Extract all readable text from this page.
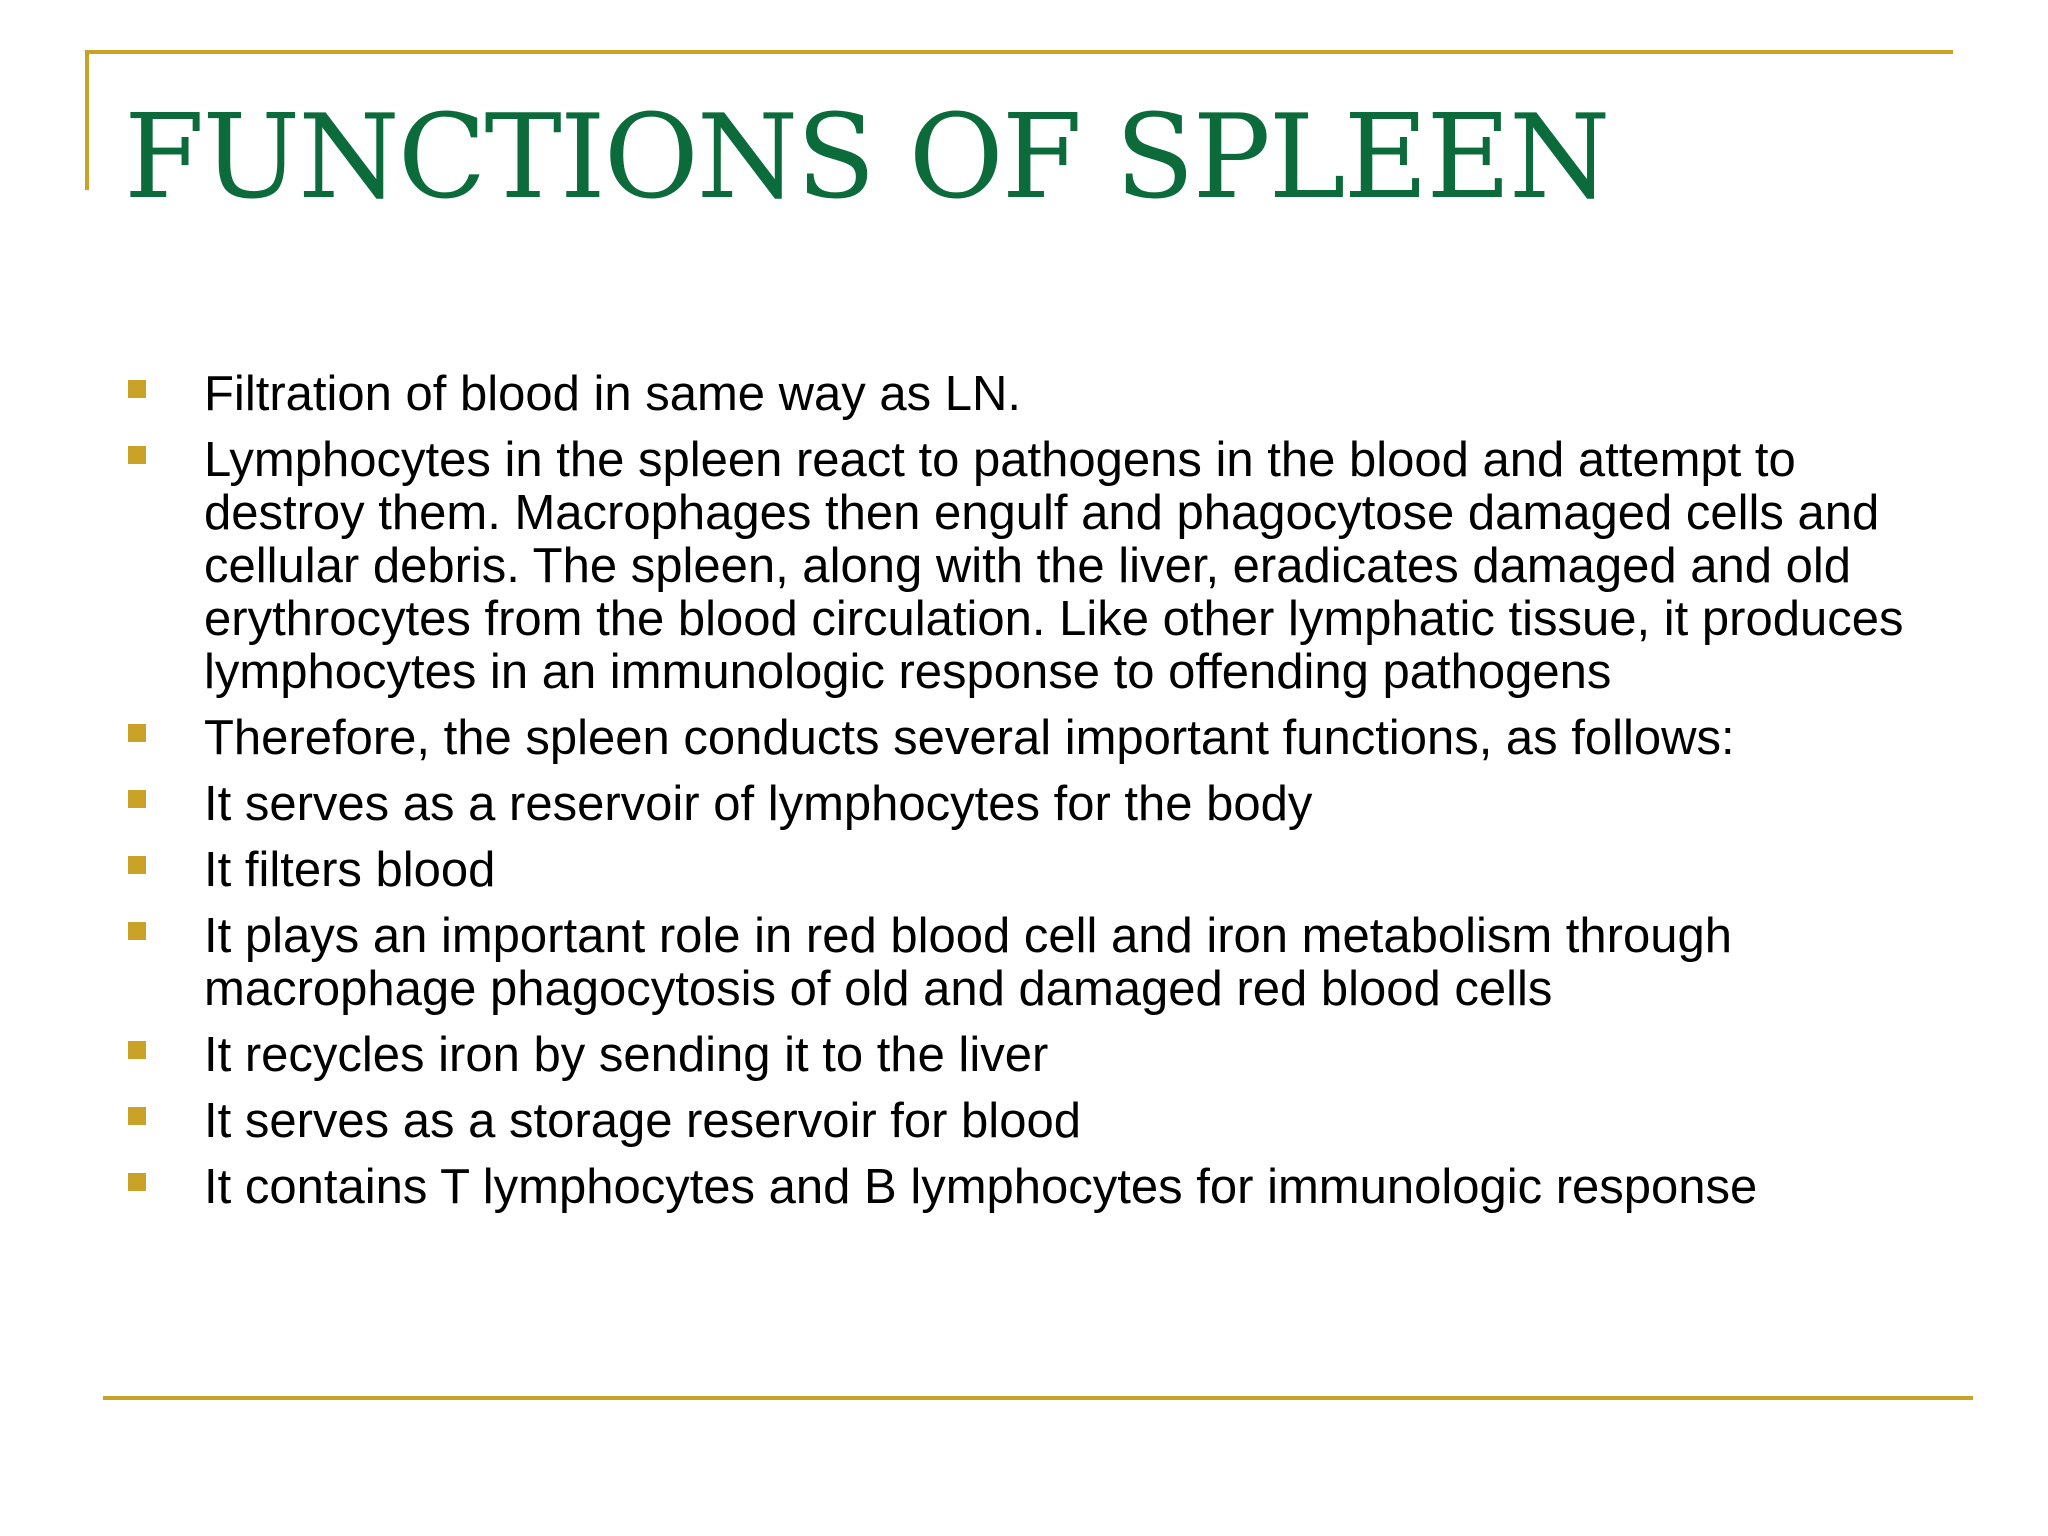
FUNCTIONS OF SPLEEN
Filtration of blood in same way as LN.
Lymphocytes in the spleen react to pathogens in the blood and attempt to destroy them. Macrophages then engulf and phagocytose damaged cells and cellular debris. The spleen, along with the liver, eradicates damaged and old erythrocytes from the blood circulation. Like other lymphatic tissue, it produces lymphocytes in an immunologic response to offending pathogens
Therefore, the spleen conducts several important functions, as follows:
It serves as a reservoir of lymphocytes for the body
It filters blood
It plays an important role in red blood cell and iron metabolism through macrophage phagocytosis of old and damaged red blood cells
It recycles iron by sending it to the liver
It serves as a storage reservoir for blood
It contains T lymphocytes and B lymphocytes for immunologic response
